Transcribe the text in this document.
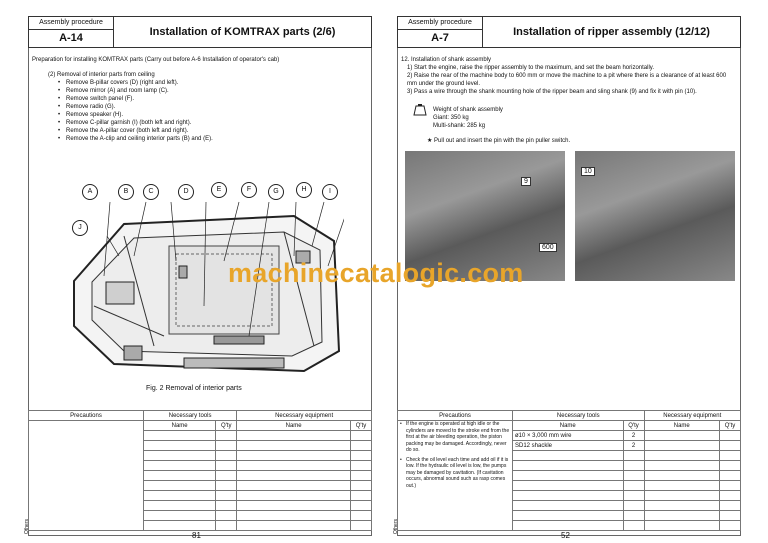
Assembly procedure
A-14	Installation of KOMTRAX parts (2/6)
Preparation for installing KOMTRAX parts (Carry out before A-6 Installation of operator's cab)
(2) Removal of interior parts from ceiling
• Remove B-pillar covers (D) (right and left).
• Remove mirror (A) and room lamp (C).
• Remove switch panel (F).
• Remove radio (G).
• Remove speaker (H).
• Remove C-pillar garnish (I) (both left and right).
• Remove the A-pillar cover (both left and right).
• Remove the A-clip and ceiling interior parts (B) and (E).
A	B	C	D	E	F	G	H	I
J
Fig. 2 Removal of interior parts
Precautions	Necessary tools		Necessary equipment	
	Name	Q'ty	Name	Q'ty

Others
81
Assembly procedure
A-7	Installation of ripper assembly (12/12)
12. Installation of shank assembly
1) Start the engine, raise the ripper assembly to the maximum, and set the beam horizontally.
2) Raise the rear of the machine body to 600 mm or move the machine to a pit where there is a clearance of at least 600
mm under the ground level.
3) Pass a wire through the shank mounting hole of the ripper beam and sling shank (9) and fix it with pin (10).
Weight of shank assembly
Giant: 350 kg
Multi-shank: 285 kg
★ Pull out and insert the pin with the pin puller switch.
9
600
10
Precautions	Necessary tools		Necessary equipment	

• If the engine is operated at high idle or the cylinders are moved to the stroke end from the first at the air bleeding operation, the piston packing may be damaged. Accordingly, never do so.
• Check the oil level each time and add oil if it is low. If the hydraulic oil level is low, the pumps may be damaged by cavitation. (If cavitation occurs, abnormal sound such as rasp comes out.)	Name	Q'ty	Name	Q'ty
	ø10 × 3,000 mm wire	2		
	SD12 shackle	2		

Others
52
machinecatalogic.com
